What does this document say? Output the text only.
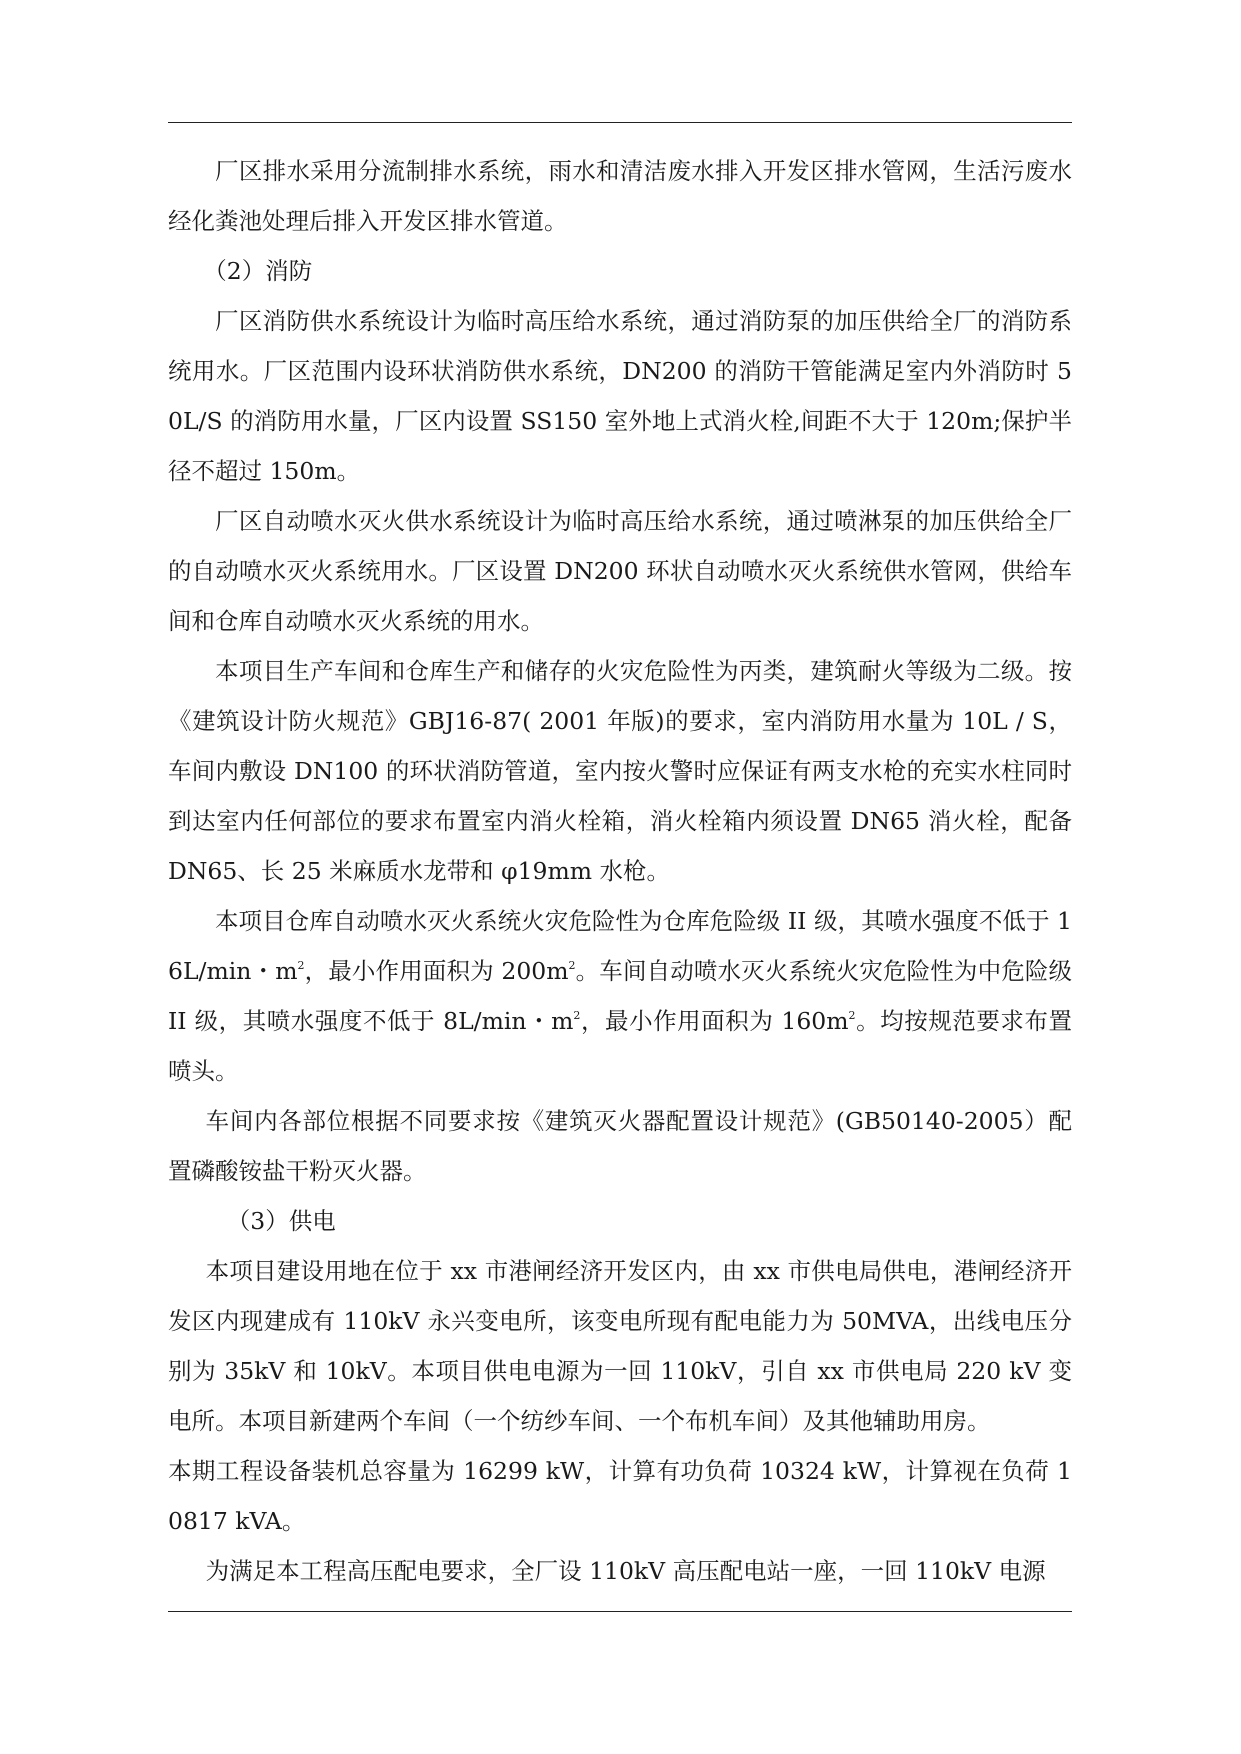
厂区排水采用分流制排水系统，雨水和清洁废水排入开发区排水管网，生活污废水经化粪池处理后排入开发区排水管道。

（2）消防

厂区消防供水系统设计为临时高压给水系统，通过消防泵的加压供给全厂的消防系统用水。厂区范围内设环状消防供水系统，DN200 的消防干管能满足室内外消防时 50L/S 的消防用水量，厂区内设置 SS150 室外地上式消火栓,间距不大于 120m;保护半径不超过 150m。

厂区自动喷水灭火供水系统设计为临时高压给水系统，通过喷淋泵的加压供给全厂的自动喷水灭火系统用水。厂区设置 DN200 环状自动喷水灭火系统供水管网，供给车间和仓库自动喷水灭火系统的用水。

本项目生产车间和仓库生产和储存的火灾危险性为丙类，建筑耐火等级为二级。按《建筑设计防火规范》GBJ16-87( 2001 年版)的要求，室内消防用水量为 10L / S，车间内敷设 DN100 的环状消防管道，室内按火警时应保证有两支水枪的充实水柱同时到达室内任何部位的要求布置室内消火栓箱，消火栓箱内须设置 DN65 消火栓，配备 DN65、长 25 米麻质水龙带和 φ19mm 水枪。

本项目仓库自动喷水灭火系统火灾危险性为仓库危险级 II 级，其喷水强度不低于 16L/min・$m^2$，最小作用面积为 $200m^2$。车间自动喷水灭火系统火灾危险性为中危险级 II 级，其喷水强度不低于 8L/min・$m^2$，最小作用面积为 $160m^2$。均按规范要求布置喷头。

车间内各部位根据不同要求按《建筑灭火器配置设计规范》(GB50140-2005）配置磷酸铵盐干粉灭火器。

（3）供电

本项目建设用地在位于 xx 市港闸经济开发区内，由 xx 市供电局供电，港闸经济开发区内现建成有 110kV 永兴变电所，该变电所现有配电能力为 50MVA，出线电压分别为 35kV 和 10kV。本项目供电电源为一回 110kV，引自 xx 市供电局 220 kV 变电所。本项目新建两个车间（一个纺纱车间、一个布机车间）及其他辅助用房。

本期工程设备装机总容量为 16299 kW，计算有功负荷 10324 kW，计算视在负荷 10817 kVA。

为满足本工程高压配电要求，全厂设 110kV 高压配电站一座，一回 110kV 电源
